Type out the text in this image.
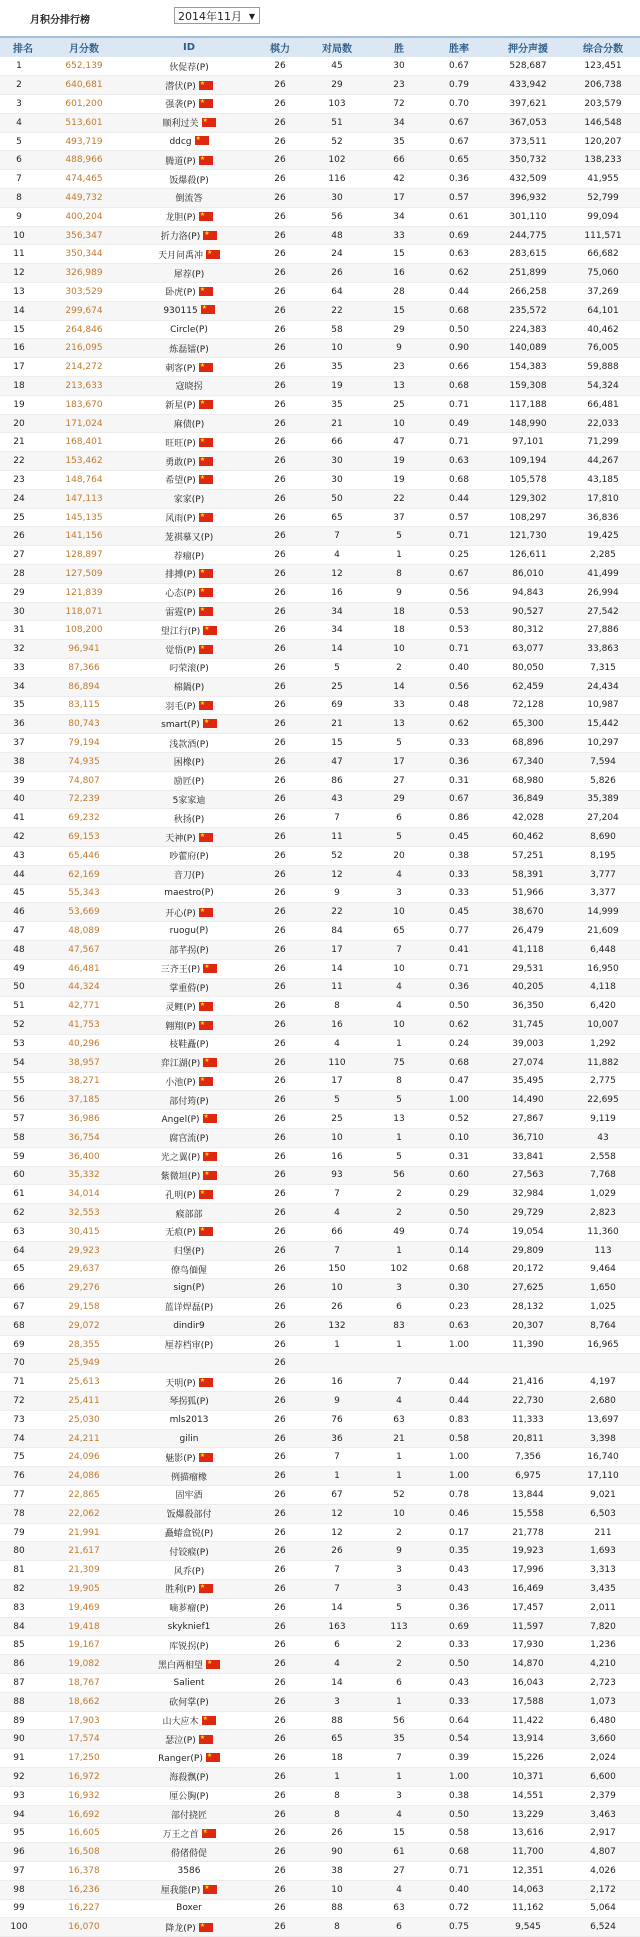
月积分排行榜	2014年11月 ▼
排名	月分数	ID	棋力	对局数	胜	胜率	押分声援	综合分数
1	652,139	伙促荐(P)	26	45	30	0.67	528,687	123,451
2	640,681	潜伏(P)★	26	29	23	0.79	433,942	206,738
3	601,200	强袭(P)★	26	103	72	0.70	397,621	203,579
4	513,601	顺利过关★	26	51	34	0.67	367,053	146,548
5	493,719	ddcg★	26	52	35	0.67	373,511	120,207
6	488,966	腾道(P)★	26	102	66	0.65	350,732	138,233
7	474,465	饭爆殺(P)	26	116	42	0.36	432,509	41,955
8	449,732	倒流答	26	30	17	0.57	396,932	52,799
9	400,204	龙胆(P)★	26	56	34	0.61	301,110	99,094
10	356,347	折力洛(P)★	26	48	33	0.69	244,775	111,571
11	350,344	天月问禹冲★	26	24	15	0.63	283,615	66,682
12	326,989	犀荐(P)	26	26	16	0.62	251,899	75,060
13	303,529	卧虎(P)★	26	64	28	0.44	266,258	37,269
14	299,674	930115★	26	22	15	0.68	235,572	64,101
15	264,846	Circle(P)	26	58	29	0.50	224,383	40,462
16	216,095	炼磊镭(P)	26	10	9	0.90	140,089	76,005
17	214,272	刺客(P)★	26	35	23	0.66	154,383	59,888
18	213,633	寇晓拐	26	19	13	0.68	159,308	54,324
19	183,670	新星(P)★	26	35	25	0.71	117,188	66,481
20	171,024	麻债(P)	26	21	10	0.49	148,990	22,033
21	168,401	旺旺(P)★	26	66	47	0.71	97,101	71,299
22	153,462	勇敢(P)★	26	30	19	0.63	109,194	44,267
23	148,764	希望(P)★	26	30	19	0.68	105,578	43,185
24	147,113	家家(P)	26	50	22	0.44	129,302	17,810
25	145,135	风雨(P)★	26	65	37	0.57	108,297	36,836
26	141,156	茏祺摹又(P)	26	7	5	0.71	121,730	19,425
27	128,897	荐瘤(P)	26	4	1	0.25	126,611	2,285
28	127,509	排搏(P)★	26	12	8	0.67	86,010	41,499
29	121,839	心态(P)★	26	16	9	0.56	94,843	26,994
30	118,071	雷霆(P)★	26	34	18	0.53	90,527	27,542
31	108,200	望江行(P)★	26	34	18	0.53	80,312	27,886
32	96,941	觉悟(P)★	26	14	10	0.71	63,077	33,863
33	87,366	叼荣滚(P)	26	5	2	0.40	80,050	7,315
34	86,894	棉鍋(P)	26	25	14	0.56	62,459	24,434
35	83,115	羽毛(P)★	26	69	33	0.48	72,128	10,987
36	80,743	smart(P)★	26	21	13	0.62	65,300	15,442
37	79,194	浅款酒(P)	26	15	5	0.33	68,896	10,297
38	74,935	困橡(P)	26	47	17	0.36	67,340	7,594
39	74,807	励匠(P)	26	86	27	0.31	68,980	5,826
40	72,239	5家家迪	26	43	29	0.67	36,849	35,389
41	69,232	秋扬(P)	26	7	6	0.86	42,028	27,204
42	69,153	天神(P)★	26	11	5	0.45	60,462	8,690
43	65,446	吵藿府(P)	26	52	20	0.38	57,251	8,195
44	62,169	音刀(P)	26	12	4	0.33	58,391	3,777
45	55,343	maestro(P)	26	9	3	0.33	51,966	3,377
46	53,669	开心(P)★	26	22	10	0.45	38,670	14,999
47	48,089	ruogu(P)	26	84	65	0.77	26,479	21,609
48	47,567	部芊拐(P)	26	17	7	0.41	41,118	6,448
49	46,481	三齐王(P)★	26	14	10	0.71	29,531	16,950
50	44,324	掌重偫(P)	26	11	4	0.36	40,205	4,118
51	42,771	灵鲤(P)★	26	8	4	0.50	36,350	6,420
52	41,753	翱翔(P)★	26	16	10	0.62	31,745	10,007
53	40,296	枝鞋矗(P)	26	4	1	0.24	39,003	1,292
54	38,957	弈江湖(P)★	26	110	75	0.68	27,074	11,882
55	38,271	小池(P)★	26	17	8	0.47	35,495	2,775
56	37,185	部付筠(P)	26	5	5	1.00	14,490	22,695
57	36,986	Angel(P)★	26	25	13	0.52	27,867	9,119
58	36,754	腐宫流(P)	26	10	1	0.10	36,710	43
59	36,400	光之翼(P)★	26	16	5	0.31	33,841	2,558
60	35,332	紫微垣(P)★	26	93	56	0.60	27,563	7,768
61	34,014	孔明(P)★	26	7	2	0.29	32,984	1,029
62	32,553	瘊部部	26	4	2	0.50	29,729	2,823
63	30,415	无痕(P)★	26	66	49	0.74	19,054	11,360
64	29,923	归堡(P)	26	7	1	0.14	29,809	113
65	29,637	僚鸟偭偓	26	150	102	0.68	20,172	9,464
66	29,276	sign(P)	26	10	3	0.30	27,625	1,650
67	29,158	蓝详焊磊(P)	26	26	6	0.23	28,132	1,025
68	29,072	dindir9	26	132	83	0.63	20,307	8,764
69	28,355	厘荐档审(P)	26	1	1	1.00	11,390	16,965
70	25,949		26					
71	25,613	天明(P)★	26	16	7	0.44	21,416	4,197
72	25,411	琴拐狐(P)	26	9	4	0.44	22,730	2,680
73	25,030	mls2013	26	76	63	0.83	11,333	13,697
74	24,211	gilin	26	36	21	0.58	20,811	3,398
75	24,096	魅影(P)★	26	7	1	1.00	7,356	16,740
76	24,086	例描瘤橡	26	1	1	1.00	6,975	17,110
77	22,865	固牢酒	26	67	52	0.78	13,844	9,021
78	22,062	饭爆殺部付	26	12	10	0.46	15,558	6,503
79	21,991	矗蝽盒锐(P)	26	12	2	0.17	21,778	211
80	21,617	付铰瘊(P)	26	26	9	0.35	19,923	1,693
81	21,309	风乔(P)	26	7	3	0.43	17,996	3,313
82	19,905	胜利(P)★	26	7	3	0.43	16,469	3,435
83	19,469	嘀芗瘤(P)	26	14	5	0.36	17,457	2,011
84	19,418	skyknief1	26	163	113	0.69	11,597	7,820
85	19,167	库锐拐(P)	26	6	2	0.33	17,930	1,236
86	19,082	黑白两相望★	26	4	2	0.50	14,870	4,210
87	18,767	Salient	26	14	6	0.43	16,043	2,723
88	18,662	砍何掌(P)	26	3	1	0.33	17,588	1,073
89	17,903	山大应木★	26	88	56	0.64	11,422	6,480
90	17,574	瑟泣(P)★	26	65	35	0.54	13,914	3,660
91	17,250	Ranger(P)★	26	18	7	0.39	15,226	2,024
92	16,972	海殺飘(P)	26	1	1	1.00	10,371	6,600
93	16,932	厘公胸(P)	26	8	3	0.38	14,551	2,379
94	16,692	部付挠匠	26	8	4	0.50	13,229	3,463
95	16,605	万王之首★	26	26	15	0.58	13,616	2,917
96	16,508	偫偖偫偍	26	90	61	0.68	11,700	4,807
97	16,378	3586	26	38	27	0.71	12,351	4,026
98	16,236	厘我能(P)★	26	10	4	0.40	14,063	2,172
99	16,227	Boxer	26	88	63	0.72	11,162	5,064
100	16,070	降龙(P)★	26	8	6	0.75	9,545	6,524
